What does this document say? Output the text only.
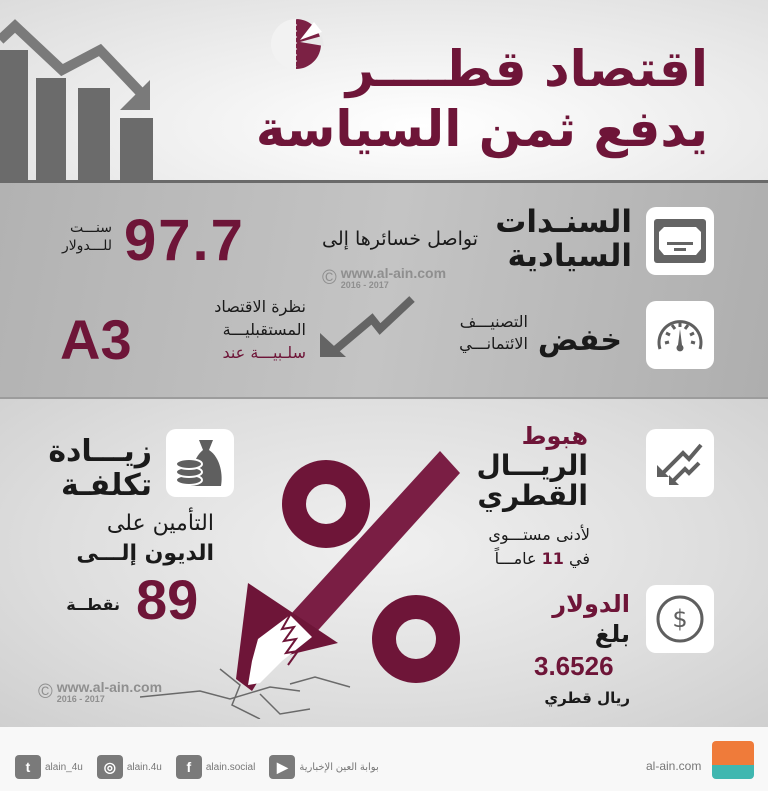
اقتصاد قطــــر
يدفع ثمن السياسة
السنـدات
السيادية
تواصل خسائرها إلى
97.7
سنـــت
للـــدولار
© www.al-ain.com
2016 - 2017
خفض
التصنيـــف
الائتمانـــي
نظرة الاقتصاد
المستقبليـــة
سلـبيـــة عند
A3
زيـــادة
تكلفـة
التأمين على
الديون إلـــى
89
نقطــة
© www.al-ain.com
2016 - 2017
هبوط
الريـــال
القطري
لأدنى مستـــوى
في 11 عامـــاً
$
الدولار
بلغ
3.6526
ريال قطري
t	alain_4u	◎	alain.4u	f	alain.social	▶	بوابة العين الإخبارية	al-ain.com
